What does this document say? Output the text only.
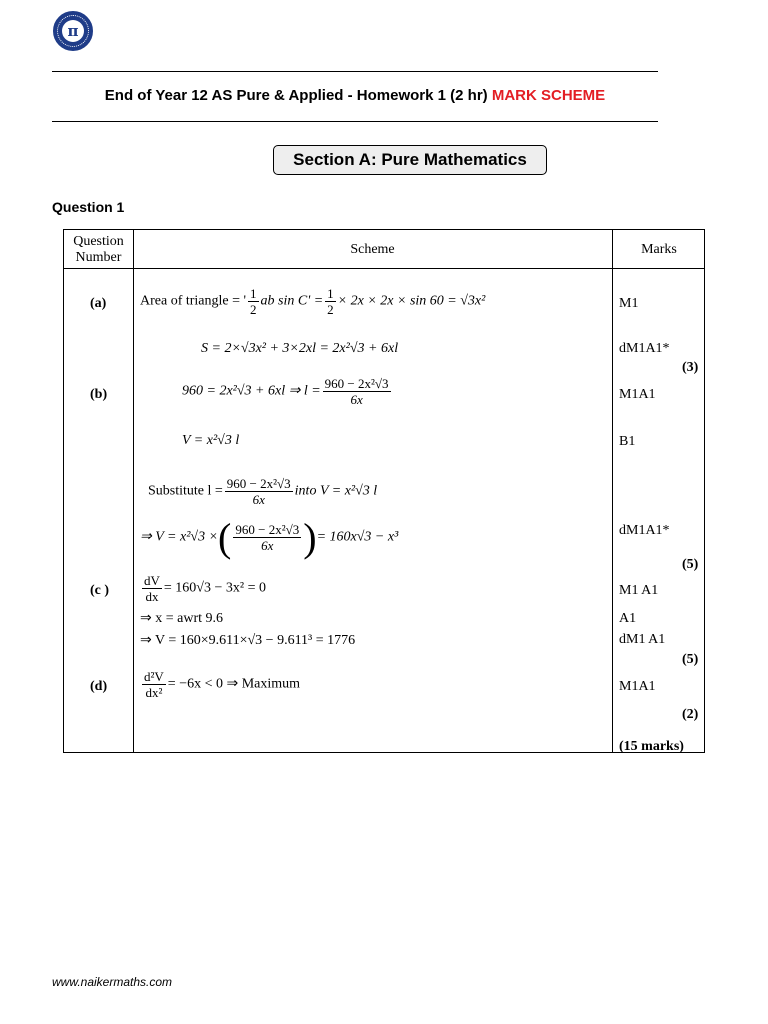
π
End of Year 12 AS Pure & Applied - Homework 1 (2 hr) MARK SCHEME
Section A: Pure Mathematics
Question 1
Question Number
Scheme	Marks
(a)
(b)
(c )
(d)
Area of triangle = ' $\frac{1}{2}$ ab $\sin C' = \frac{1}{2} \times 2x \times 2x \times \sin 60 = √3x^2$
S = 2×√3x² + 3×2xl = 2x²√3 + 6xl
960 = 2x²√3 + 6xl ⇒ $l = \frac{\text{960 − 2x²√3}}{6x}$
V = x²√3 l
Substitute $l = \frac{\text{960 − 2x²√3}}{6x}$ into V = x²√3 l
⇒ V = x²√3 ×( $\frac{\text{960 − 2x²√3}}{6x}$ )= 160x√3 − x³
$\frac{dV}{dx} = 160√3 - 3x^2 = 0$
⇒ x = awrt 9.6
⇒ V = 160×9.611×√3 − 9.611³ = 1776
$\frac{\text{d²V}}{\text{dx²}} = -6x < 0$ ⇒ Maximum
M1
dM1A1*
(3)
M1A1
B1
dM1A1*
(5)
M1 A1
A1
dM1 A1
(5)
M1A1
(2)
(15 marks)
www.naikermaths.com
